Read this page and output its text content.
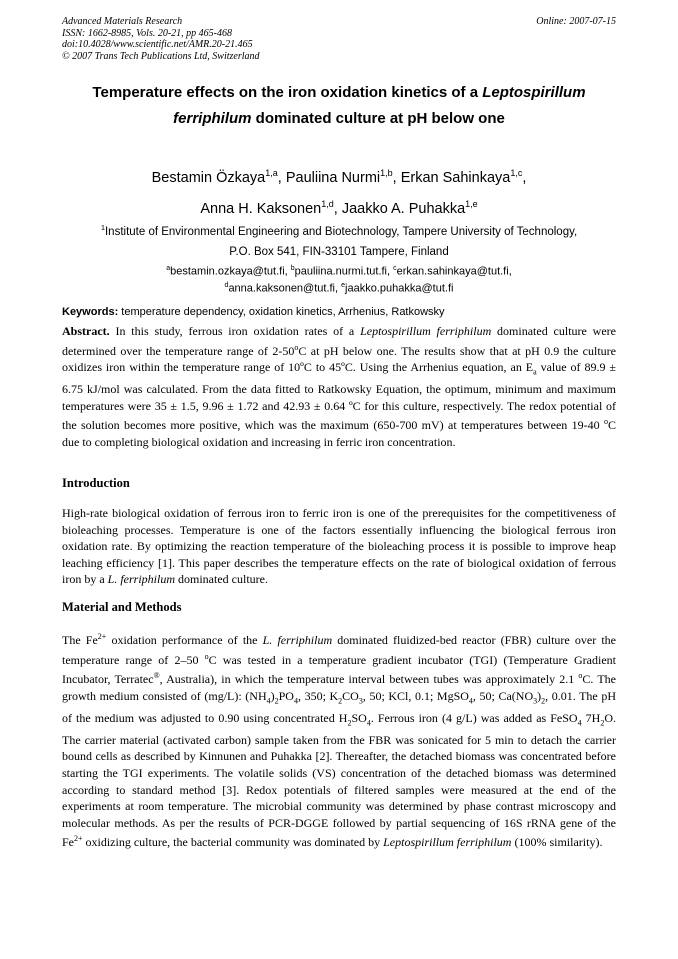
Advanced Materials Research
ISSN: 1662-8985, Vols. 20-21, pp 465-468
doi:10.4028/www.scientific.net/AMR.20-21.465
© 2007 Trans Tech Publications Ltd, Switzerland
Online: 2007-07-15
Temperature effects on the iron oxidation kinetics of a Leptospirillum
ferriphilum dominated culture at pH below one
Bestamin Özkaya$^{1,a}$, Pauliina Nurmi$^{1,b}$, Erkan Sahinkaya$^{1,c}$,
Anna H. Kaksonen$^{1,d}$, Jaakko A. Puhakka$^{1,e}$
$^1$Institute of Environmental Engineering and Biotechnology, Tampere University of Technology,
P.O. Box 541, FIN-33101 Tampere, Finland
$^a$bestamin.ozkaya@tut.fi, $^b$pauliina.nurmi.tut.fi, $^c$erkan.sahinkaya@tut.fi,
$^d$anna.kaksonen@tut.fi, $^e$jaakko.puhakka@tut.fi
Keywords: temperature dependency, oxidation kinetics, Arrhenius, Ratkowsky
Abstract. In this study, ferrous iron oxidation rates of a Leptospirillum ferriphilum dominated culture were determined over the temperature range of 2-50$^o$C at pH below one. The results show that at pH 0.9 the culture oxidizes iron within the temperature range of 10ºC to 45ºC. Using the Arrhenius equation, an $E_a$ value of 89.9 ± 6.75 kJ/mol was calculated. From the data fitted to Ratkowsky Equation, the optimum, minimum and maximum temperatures were 35 ± 1.5, 9.96 ± 1.72 and 42.93 ± 0.64 ºC for this culture, respectively. The redox potential of the solution becomes more positive, which was the maximum (650-700 mV) at temperatures between 19-40 $^o$C due to completing biological oxidation and increasing in ferric iron concentration.
Introduction
High-rate biological oxidation of ferrous iron to ferric iron is one of the prerequisites for the competitiveness of bioleaching processes. Temperature is one of the factors essentially influencing the biological ferrous iron oxidation rate. By optimizing the reaction temperature of the bioleaching process it is possible to improve heap leaching efficiency [1]. This paper describes the temperature effects on the rate of biological oxidation of ferrous iron by a L. ferriphilum dominated culture.
Material and Methods
The $Fe^{2+}$ oxidation performance of the L. ferriphilum dominated fluidized-bed reactor (FBR) culture over the temperature range of 2–50 $^o$C was tested in a temperature gradient incubator (TGI) (Temperature Gradient Incubator, Terratec®, Australia), in which the temperature interval between tubes was approximately 2.1 $^o$C. The growth medium consisted of (mg/L): $(NH_4)_2PO_4$, 350; $K_2CO_3$, 50; KCl, 0.1; MgSO$_4$, 50; $Ca(NO_3)_2$, 0.01. The pH of the medium was adjusted to 0.90 using concentrated $H_2SO_4$. Ferrous iron (4 g/L) was added as FeSO$_4$ $7H_2O$. The carrier material (activated carbon) sample taken from the FBR was sonicated for 5 min to detach the carrier bound cells as described by Kinnunen and Puhakka [2]. Thereafter, the detached biomass was concentrated before starting the TGI experiments. The volatile solids (VS) concentration of the detached biomass was determined according to standard method [3]. Redox potentials of filtered samples were measured at the end of the experiments at room temperature. The microbial community was determined by phase contrast microscopy and molecular methods. As per the results of PCR-DGGE followed by partial sequencing of 16S rRNA gene of the $Fe^{2+}$ oxidizing culture, the bacterial community was dominated by Leptospirillum ferriphilum (100% similarity).
